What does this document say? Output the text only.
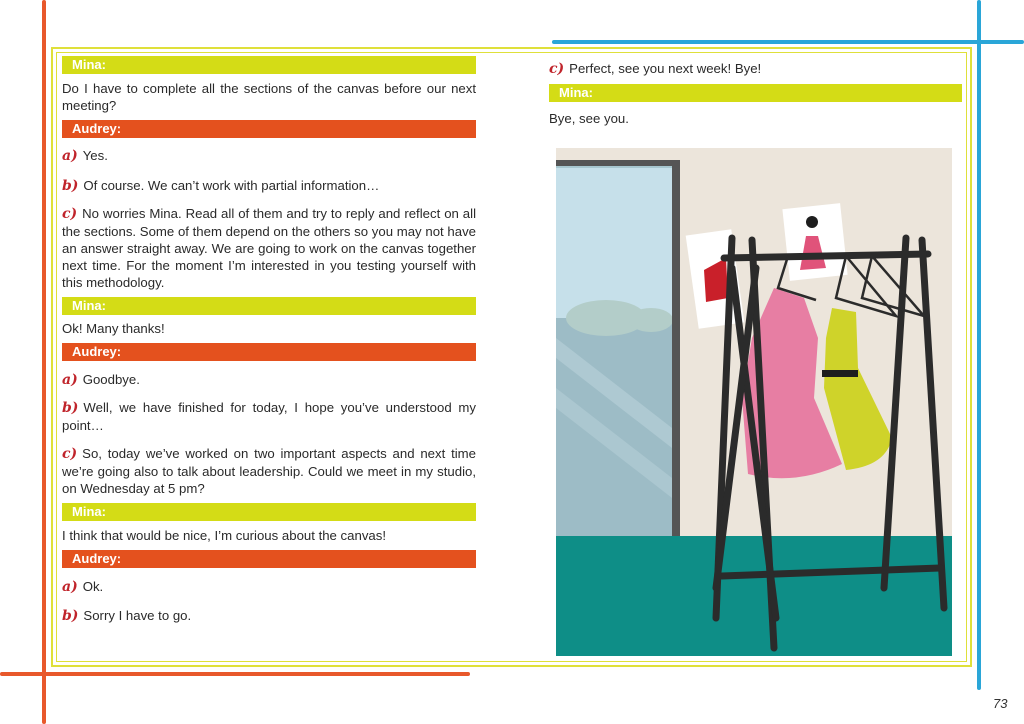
Mina:

Do I have to complete all the sections of the canvas before our next meeting?

Audrey:
a) Yes.
b) Of course. We can’t work with partial information…

c) No worries Mina. Read all of them and try to reply and reflect on all the sections. Some of them depend on the others so you may not have an answer straight away. We are going to work on the canvas together next time. For the moment I’m interested in you testing yourself with this methodology.

Mina:

Ok! Many thanks!

Audrey:
a) Goodbye.

b) Well, we have finished for today, I hope you’ve understood my point…

c) So, today we’ve worked on two important aspects and next time we’re going also to talk about leadership. Could we meet in my studio, on Wednesday at 5 pm?

Mina:

I think that would be nice, I’m curious about the canvas!

Audrey:
a) Ok.
b) Sorry I have to go.
c) Perfect, see you next week! Bye!
Mina:

Bye, see you.

73
